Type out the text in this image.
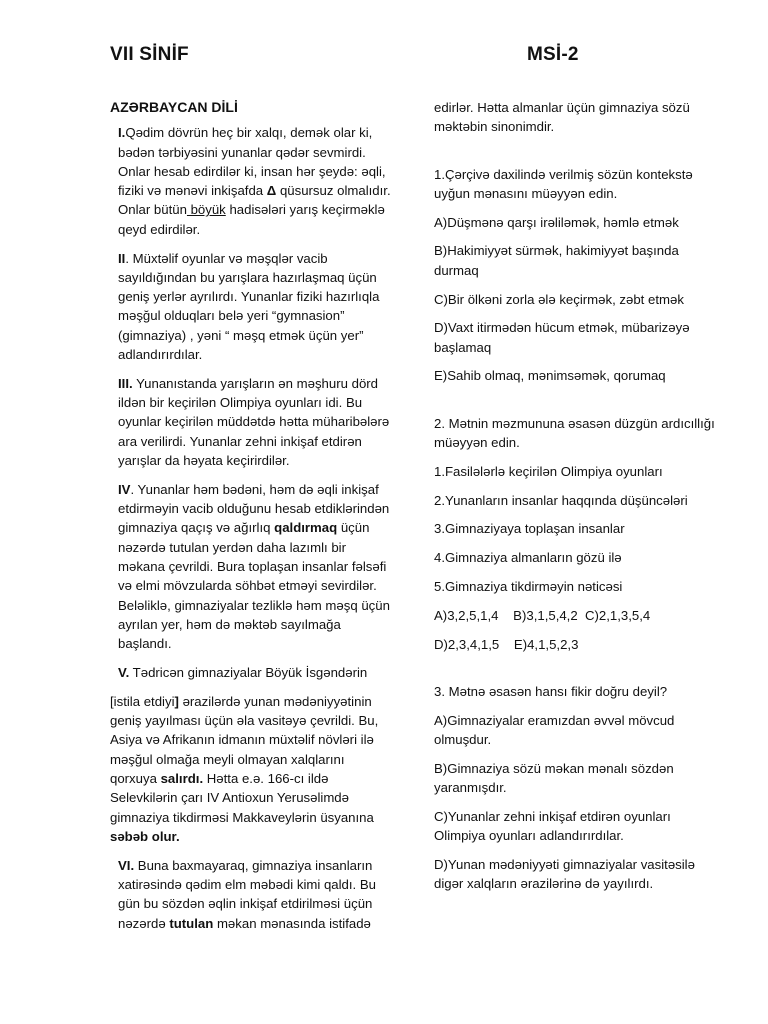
VII SİNİF	MSİ-2

AZƏRBAYCAN DİLİ

I.Qədim dövrün heç bir xalqı, demək olar ki, bədən tərbiyəsini yunanlar qədər sevmirdi. Onlar hesab edirdilər ki, insan hər şeydə: əqli, fiziki və mənəvi inkişafda Δ qüsursuz olmalıdır. Onlar bütün böyük hadisələri yarış keçirməklə qeyd edirdilər.

II. Müxtəlif oyunlar və məşqlər vacib sayıldığından bu yarışlara hazırlaşmaq üçün geniş yerlər ayrılırdı. Yunanlar fiziki hazırlıqla məşğul olduqları belə yeri “gymnasion” (gimnaziya) , yəni “ məşq etmək üçün yer” adlandırırdılar.

III. Yunanıstanda yarışların ən məşhuru dörd ildən bir keçirilən Olimpiya oyunları idi. Bu oyunlar keçirilən müddətdə hətta müharibələrə ara verilirdi. Yunanlar zehni inkişaf etdirən yarışlar da həyata keçirirdilər.

IV. Yunanlar həm bədəni, həm də əqli inkişaf etdirməyin vacib olduğunu hesab etdiklərindən gimnaziya qaçış və ağırlıq qaldırmaq üçün nəzərdə tutulan yerdən daha lazımlı bir məkana çevrildi. Bura toplaşan insanlar fəlsəfi və elmi mövzularda söhbət etməyi sevirdilər. Beləliklə, gimnaziyalar tezliklə həm məşq üçün ayrılan yer, həm də məktəb sayılmağa başlandı.

V. Tədricən gimnaziyalar Böyük İsgəndərin

[istila etdiyi] ərazilərdə yunan mədəniyyətinin geniş yayılması üçün əla vasitəyə çevrildi. Bu, Asiya və Afrikanın idmanın müxtəlif növləri ilə məşğul olmağa meyli olmayan xalqlarını qorxuya salırdı. Hətta e.ə. 166-cı ildə Selevkilərin çarı IV Antioxun Yerusəlimdə gimnaziya tikdirməsi Makkaveylərin üsyanına səbəb olur.

VI. Buna baxmayaraq, gimnaziya insanların xatirəsində qədim elm məbədi kimi qaldı. Bu gün bu sözdən əqlin inkişaf etdirilməsi üçün nəzərdə tutulan məkan mənasında istifadə

edirlər. Hətta almanlar üçün gimnaziya sözü məktəbin sinonimdir.

1.Çərçivə daxilində verilmiş sözün kontekstə uyğun mənasını müəyyən edin.

A)Düşmənə qarşı irəliləmək, həmlə etmək

B)Hakimiyyət sürmək, hakimiyyət başında durmaq

C)Bir ölkəni zorla ələ keçirmək, zəbt etmək

D)Vaxt itirmədən hücum etmək, mübarizəyə başlamaq

E)Sahib olmaq, mənimsəmək, qorumaq

2. Mətnin məzmununa əsasən düzgün ardıcıllığı müəyyən edin.

1.Fasilələrlə keçirilən Olimpiya oyunları

2.Yunanların insanlar haqqında düşüncələri

3.Gimnaziyaya toplaşan insanlar

4.Gimnaziya almanların gözü ilə

5.Gimnaziya tikdirməyin nəticəsi

A)3,2,5,1,4    B)3,1,5,4,2  C)2,1,3,5,4

D)2,3,4,1,5    E)4,1,5,2,3

3. Mətnə əsasən hansı fikir doğru deyil?

A)Gimnaziyalar eramızdan əvvəl mövcud olmuşdur.

B)Gimnaziya sözü məkan mənalı sözdən yaranmışdır.

C)Yunanlar zehni inkişaf etdirən oyunları Olimpiya oyunları adlandırırdılar.

D)Yunan mədəniyyəti gimnaziyalar vasitəsilə digər xalqların ərazilərinə də yayılırdı.
